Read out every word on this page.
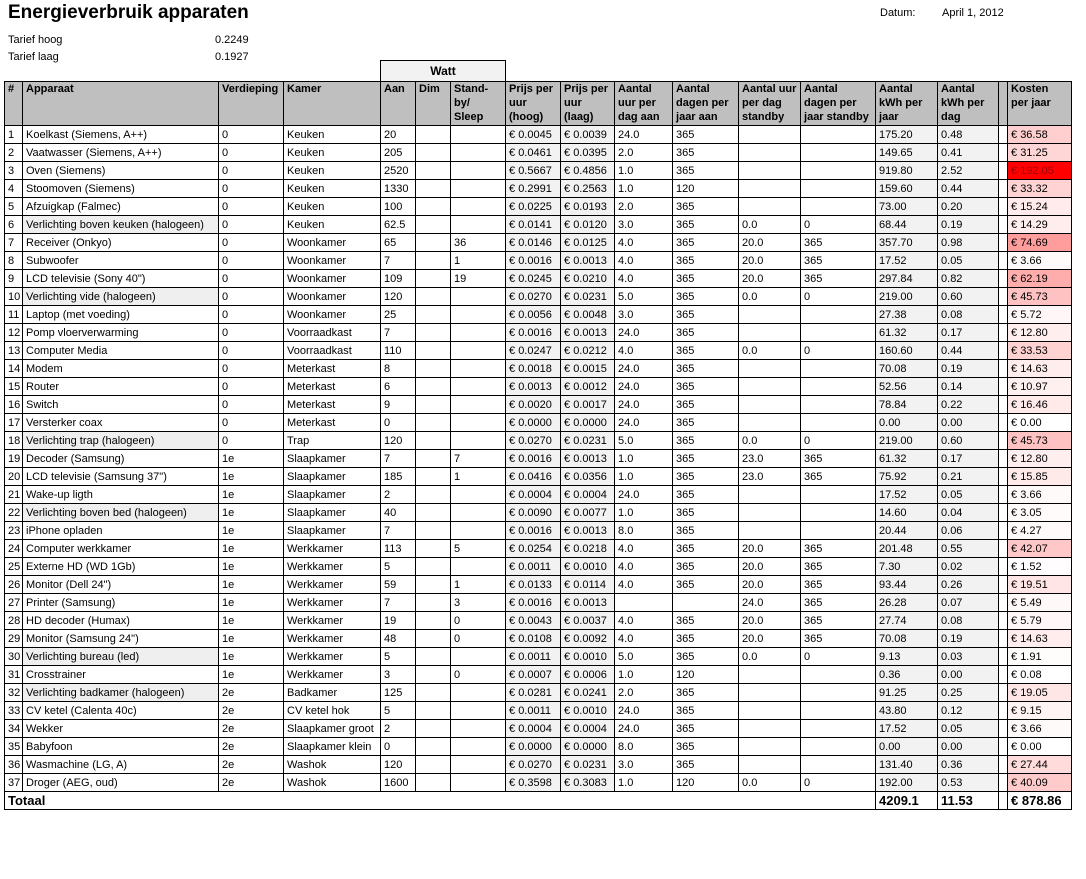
Energieverbruik apparaten
Tarief hoog	0.2249
Tarief laag	0.1927
Datum: April 1, 2012
				Watt												
#	Apparaat	Verdieping	Kamer	Aan	Dim	Stand-by/ Sleep	Prijs per uur (hoog)	Prijs per uur (laag)	Aantal uur per dag aan	Aantal dagen per jaar aan	Aantal uur per dag standby	Aantal dagen per jaar standby	Aantal kWh per jaar	Aantal kWh per dag		Kosten per jaar
1	Koelkast (Siemens, A++)	0	Keuken	20			€ 0.0045	€ 0.0039	24.0	365			175.20	0.48		€ 36.58
2	Vaatwasser (Siemens, A++)	0	Keuken	205			€ 0.0461	€ 0.0395	2.0	365			149.65	0.41		€ 31.25
3	Oven (Siemens)	0	Keuken	2520			€ 0.5667	€ 0.4856	1.0	365			919.80	2.52		€ 192.05
4	Stoomoven (Siemens)	0	Keuken	1330			€ 0.2991	€ 0.2563	1.0	120			159.60	0.44		€ 33.32
5	Afzuigkap (Falmec)	0	Keuken	100			€ 0.0225	€ 0.0193	2.0	365			73.00	0.20		€ 15.24
6	Verlichting boven keuken (halogeen)	0	Keuken	62.5			€ 0.0141	€ 0.0120	3.0	365	0.0	0	68.44	0.19		€ 14.29
7	Receiver (Onkyo)	0	Woonkamer	65		36	€ 0.0146	€ 0.0125	4.0	365	20.0	365	357.70	0.98		€ 74.69
8	Subwoofer	0	Woonkamer	7		1	€ 0.0016	€ 0.0013	4.0	365	20.0	365	17.52	0.05		€ 3.66
9	LCD televisie (Sony 40")	0	Woonkamer	109		19	€ 0.0245	€ 0.0210	4.0	365	20.0	365	297.84	0.82		€ 62.19
10	Verlichting vide (halogeen)	0	Woonkamer	120			€ 0.0270	€ 0.0231	5.0	365	0.0	0	219.00	0.60		€ 45.73
11	Laptop (met voeding)	0	Woonkamer	25			€ 0.0056	€ 0.0048	3.0	365			27.38	0.08		€ 5.72
12	Pomp vloerverwarming	0	Voorraadkast	7			€ 0.0016	€ 0.0013	24.0	365			61.32	0.17		€ 12.80
13	Computer Media	0	Voorraadkast	110			€ 0.0247	€ 0.0212	4.0	365	0.0	0	160.60	0.44		€ 33.53
14	Modem	0	Meterkast	8			€ 0.0018	€ 0.0015	24.0	365			70.08	0.19		€ 14.63
15	Router	0	Meterkast	6			€ 0.0013	€ 0.0012	24.0	365			52.56	0.14		€ 10.97
16	Switch	0	Meterkast	9			€ 0.0020	€ 0.0017	24.0	365			78.84	0.22		€ 16.46
17	Versterker coax	0	Meterkast	0			€ 0.0000	€ 0.0000	24.0	365			0.00	0.00		€ 0.00
18	Verlichting trap (halogeen)	0	Trap	120			€ 0.0270	€ 0.0231	5.0	365	0.0	0	219.00	0.60		€ 45.73
19	Decoder (Samsung)	1e	Slaapkamer	7		7	€ 0.0016	€ 0.0013	1.0	365	23.0	365	61.32	0.17		€ 12.80
20	LCD televisie (Samsung 37")	1e	Slaapkamer	185		1	€ 0.0416	€ 0.0356	1.0	365	23.0	365	75.92	0.21		€ 15.85
21	Wake-up ligth	1e	Slaapkamer	2			€ 0.0004	€ 0.0004	24.0	365			17.52	0.05		€ 3.66
22	Verlichting boven bed (halogeen)	1e	Slaapkamer	40			€ 0.0090	€ 0.0077	1.0	365			14.60	0.04		€ 3.05
23	iPhone opladen	1e	Slaapkamer	7			€ 0.0016	€ 0.0013	8.0	365			20.44	0.06		€ 4.27
24	Computer werkkamer	1e	Werkkamer	113		5	€ 0.0254	€ 0.0218	4.0	365	20.0	365	201.48	0.55		€ 42.07
25	Externe HD (WD 1Gb)	1e	Werkkamer	5			€ 0.0011	€ 0.0010	4.0	365	20.0	365	7.30	0.02		€ 1.52
26	Monitor (Dell 24")	1e	Werkkamer	59		1	€ 0.0133	€ 0.0114	4.0	365	20.0	365	93.44	0.26		€ 19.51
27	Printer (Samsung)	1e	Werkkamer	7		3	€ 0.0016	€ 0.0013			24.0	365	26.28	0.07		€ 5.49
28	HD decoder (Humax)	1e	Werkkamer	19		0	€ 0.0043	€ 0.0037	4.0	365	20.0	365	27.74	0.08		€ 5.79
29	Monitor (Samsung 24")	1e	Werkkamer	48		0	€ 0.0108	€ 0.0092	4.0	365	20.0	365	70.08	0.19		€ 14.63
30	Verlichting bureau (led)	1e	Werkkamer	5			€ 0.0011	€ 0.0010	5.0	365	0.0	0	9.13	0.03		€ 1.91
31	Crosstrainer	1e	Werkkamer	3		0	€ 0.0007	€ 0.0006	1.0	120			0.36	0.00		€ 0.08
32	Verlichting badkamer (halogeen)	2e	Badkamer	125			€ 0.0281	€ 0.0241	2.0	365			91.25	0.25		€ 19.05
33	CV ketel (Calenta 40c)	2e	CV ketel hok	5			€ 0.0011	€ 0.0010	24.0	365			43.80	0.12		€ 9.15
34	Wekker	2e	Slaapkamer groot	2			€ 0.0004	€ 0.0004	24.0	365			17.52	0.05		€ 3.66
35	Babyfoon	2e	Slaapkamer klein	0			€ 0.0000	€ 0.0000	8.0	365			0.00	0.00		€ 0.00
36	Wasmachine (LG, A)	2e	Washok	120			€ 0.0270	€ 0.0231	3.0	365			131.40	0.36		€ 27.44
37	Droger (AEG, oud)	2e	Washok	1600			€ 0.3598	€ 0.3083	1.0	120	0.0	0	192.00	0.53		€ 40.09
Totaal													4209.1	11.53		€ 878.86
